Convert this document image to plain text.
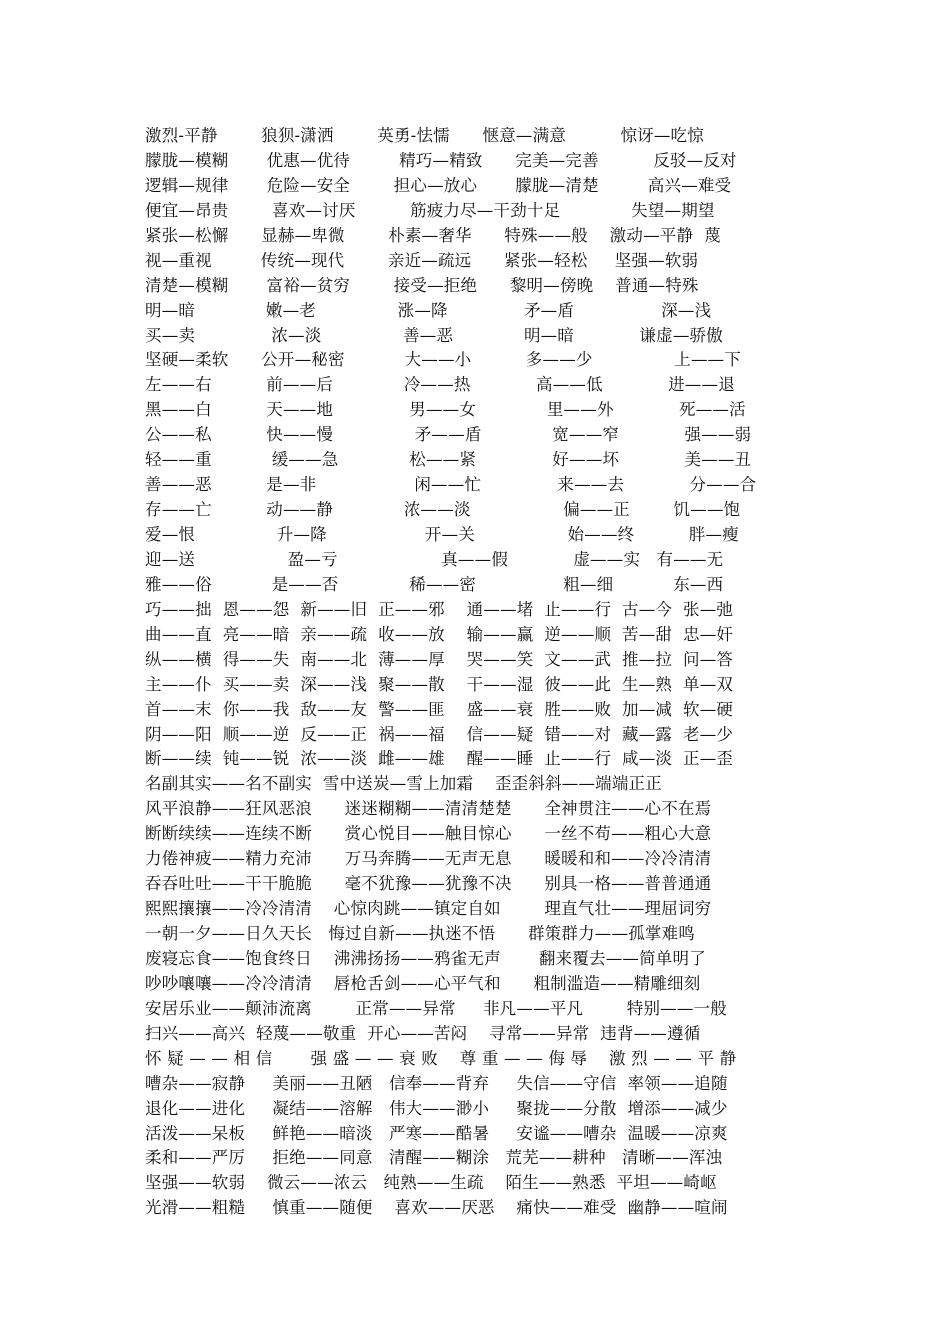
激烈-平静        狼狈-潇洒        英勇-怯懦      惬意—满意          惊讶—吃惊
朦胧—模糊       优惠—优待         精巧—精致      完美—完善          反驳—反对
逻辑—规律       危险—安全        担心—放心       朦胧—清楚         高兴—难受
便宜—昂贵        喜欢—讨厌          筋疲力尽—干劲十足             失望—期望
紧张—松懈      显赫—卑微        朴素—奢华      特殊——般    激动—平静  蔑
视—重视         传统—现代        亲近—疏远      紧张—轻松     坚强—软弱
清楚—模糊       富裕—贫穷        接受—拒绝      黎明—傍晚    普通—特殊
明—暗             嫩—老               涨—降              矛—盾                深—浅
买—卖              浓—淡               善—恶             明—暗            谦虚—骄傲
坚硬—柔软      公开—秘密           大——小          多——少               上——下
左——右          前——后             冷——热            高——低            进——退
黑——白          天——地              男——女             里——外            死——活
公——私          快——慢               矛——盾             宽——窄            强——弱
轻——重           缓——急             松——紧              好——坏            美——丑
善——恶          是—非                  闲——忙              来——去            分——合
存——亡          动——静             浓——淡                 偏——正        饥——饱
爱—恨               升—降                  开—关                 始——终          胖—瘦
迎—送                 盈—亏                   真——假            虚——实   有——无
雅——俗           是——否             稀——密                粗—细           东—西
巧——拙  恩——怨  新——旧  正——邪    通——堵  止——行  古—今  张—弛
曲——直  亮——暗  亲——疏  收——放    输——赢  逆——顺  苦—甜  忠—奸
纵——横  得——失  南——北  薄——厚    哭——笑  文——武  推—拉  问—答
主——仆  买——卖  深——浅  聚——散    干——湿  彼——此  生—熟  单—双
首——末  你——我  敌——友  警——匪    盛——衰  胜——败  加—减  软—硬
阴——阳  顺——逆  反——正  祸——福    信——疑  错——对  藏—露  老—少
断——续  钝——锐  浓——淡  雌——雄    醒——睡  止——行  咸—淡  正—歪
名副其实——名不副实  雪中送炭—雪上加霜    歪歪斜斜——端端正正
风平浪静——狂风恶浪      迷迷糊糊——清清楚楚      全神贯注——心不在焉
断断续续——连续不断      赏心悦目——触目惊心      一丝不苟——粗心大意
力倦神疲——精力充沛      万马奔腾——无声无息      暖暖和和——冷冷清清
吞吞吐吐——干干脆脆      毫不犹豫——犹豫不决      别具一格——普普通通
熙熙攘攘——冷冷清清    心惊肉跳——镇定自如        理直气壮——理屈词穷
一朝一夕——日久天长   悔过自新——执迷不悟      群策群力——孤掌难鸣
废寝忘食——饱食终日    沸沸扬扬——鸦雀无声       翻来覆去——简单明了
吵吵嚷嚷——冷冷清清    唇枪舌剑——心平气和      粗制滥造——精雕细刻
安居乐业——颠沛流离        正常——异常     非凡——平凡        特别——一般
扫兴——高兴  轻蔑——敬重  开心——苦闷    寻常——异常  违背——遵循
怀 疑 — — 相 信       强 盛 — — 衰 败    尊 重 — — 侮 辱    激 烈 — — 平 静
嘈杂——寂静     美丽——丑陋   信奉——背弃     失信——守信  率领——追随
退化——进化     凝结——溶解   伟大——渺小     聚拢——分散  增添——减少
活泼——呆板     鲜艳——暗淡   严寒——酷暑     安谧——嘈杂  温暖——凉爽
柔和——严厉     拒绝——同意   清醒——糊涂   荒芜——耕种   清晰——浑浊
坚强——软弱    微云——浓云   纯熟——生疏    陌生——熟悉  平坦——崎岖
光滑——粗糙     慎重——随便    喜欢——厌恶    痛快——难受  幽静——喧闹
